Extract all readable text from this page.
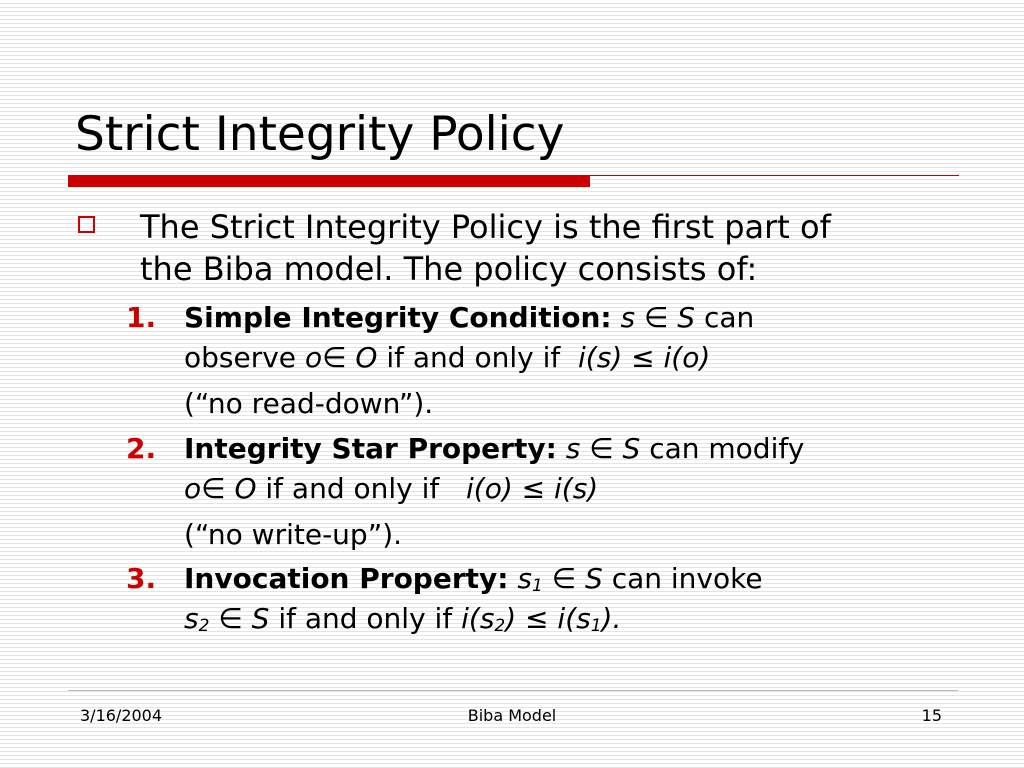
Strict Integrity Policy
The Strict Integrity Policy is the first part of
the Biba model. The policy consists of:
1. Simple Integrity Condition: s ∈ S can
observe o∈ O if and only if i(s) ≤ i(o)
(“no read-down”).
2. Integrity Star Property: s ∈ S can modify
o∈ O if and only if i(o) ≤ i(s)
(“no write-up”).
3. Invocation Property: s1 ∈ S can invoke
s2 ∈ S if and only if i(s2) ≤ i(s1).
3/16/2004	Biba Model	15
